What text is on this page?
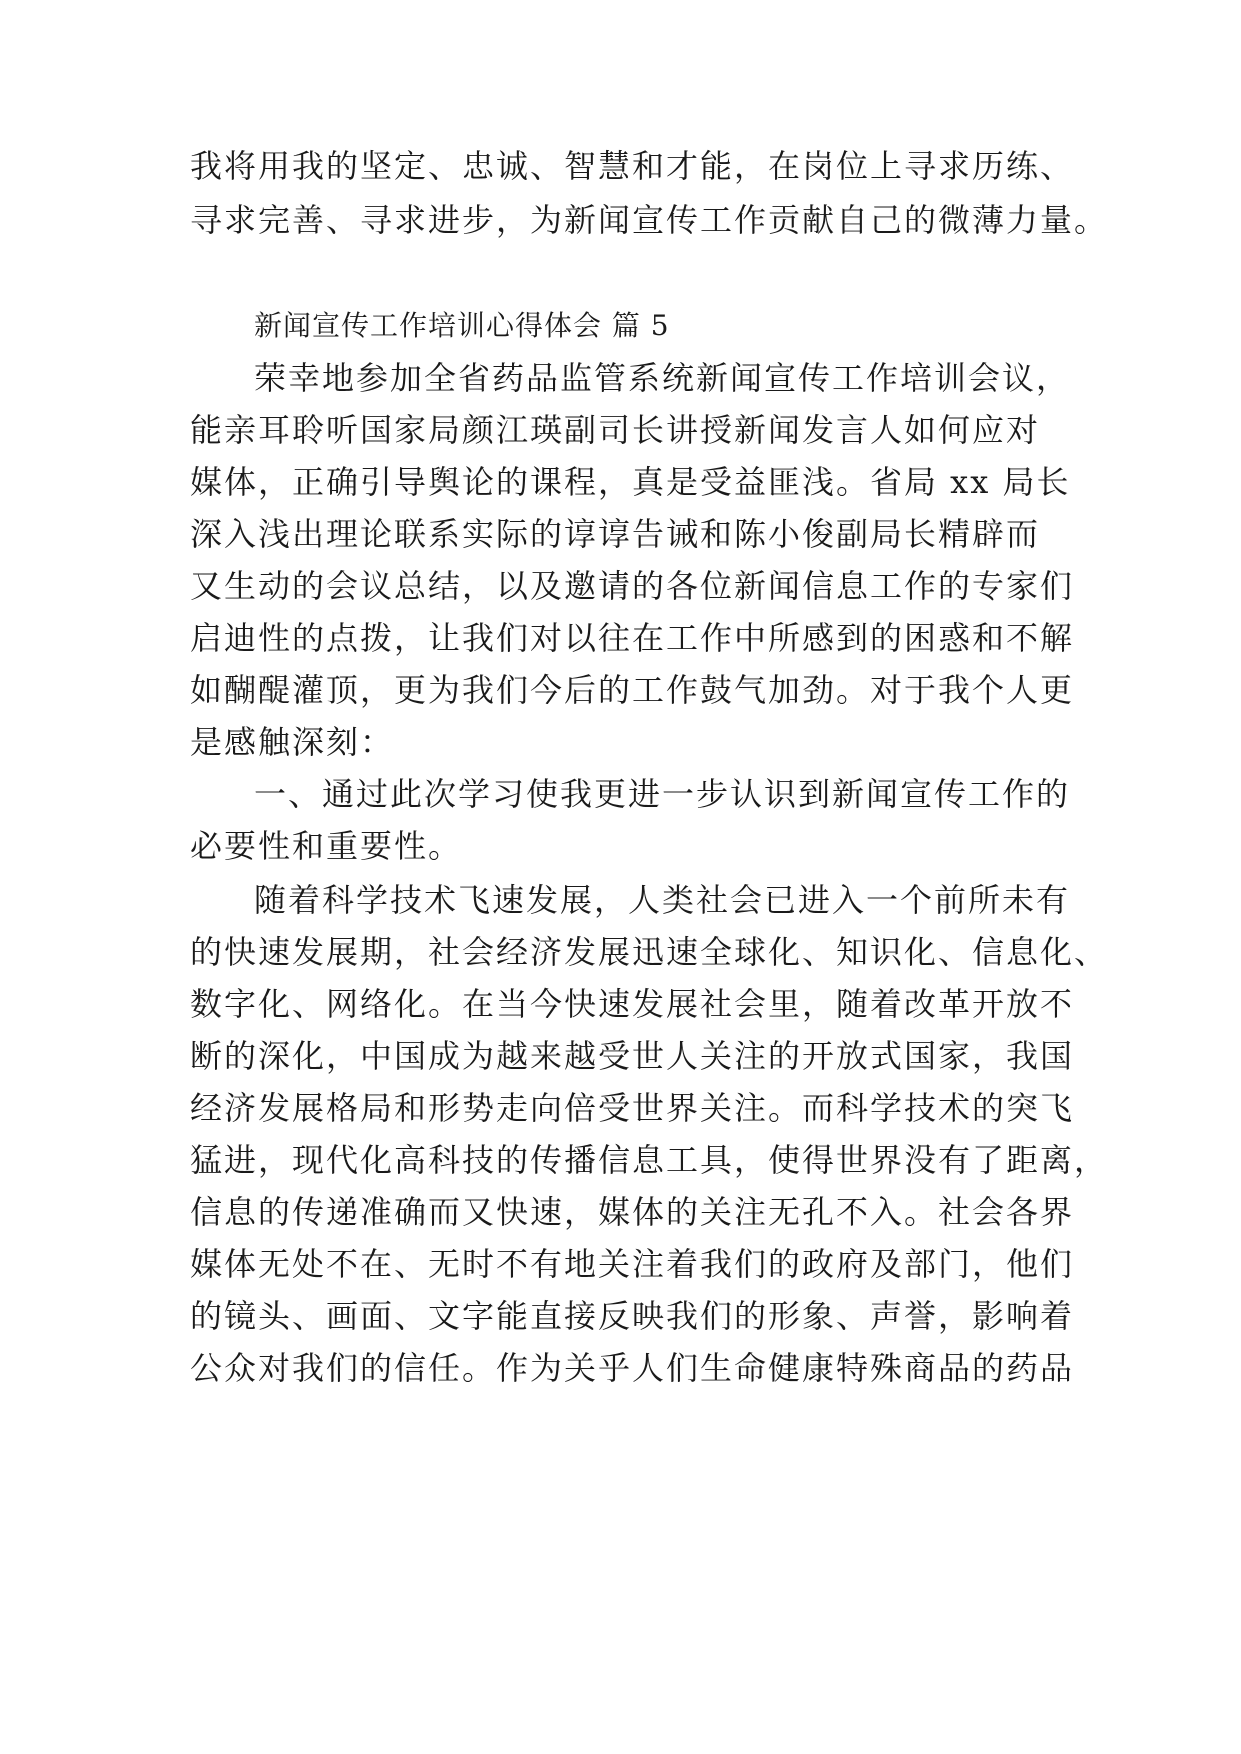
我将用我的坚定、忠诚、智慧和才能，在岗位上寻求历练、
寻求完善、寻求进步，为新闻宣传工作贡献自己的微薄力量。
新闻宣传工作培训心得体会 篇 5
荣幸地参加全省药品监管系统新闻宣传工作培训会议，
能亲耳聆听国家局颜江瑛副司长讲授新闻发言人如何应对
媒体，正确引导舆论的课程，真是受益匪浅。省局 xx 局长
深入浅出理论联系实际的谆谆告诫和陈小俊副局长精辟而
又生动的会议总结，以及邀请的各位新闻信息工作的专家们
启迪性的点拨，让我们对以往在工作中所感到的困惑和不解
如醐醍灌顶，更为我们今后的工作鼓气加劲。对于我个人更
是感触深刻：
一、通过此次学习使我更进一步认识到新闻宣传工作的
必要性和重要性。
随着科学技术飞速发展，人类社会已进入一个前所未有
的快速发展期，社会经济发展迅速全球化、知识化、信息化、
数字化、网络化。在当今快速发展社会里，随着改革开放不
断的深化，中国成为越来越受世人关注的开放式国家，我国
经济发展格局和形势走向倍受世界关注。而科学技术的突飞
猛进，现代化高科技的传播信息工具，使得世界没有了距离，
信息的传递准确而又快速，媒体的关注无孔不入。社会各界
媒体无处不在、无时不有地关注着我们的政府及部门，他们
的镜头、画面、文字能直接反映我们的形象、声誉，影响着
公众对我们的信任。作为关乎人们生命健康特殊商品的药品
